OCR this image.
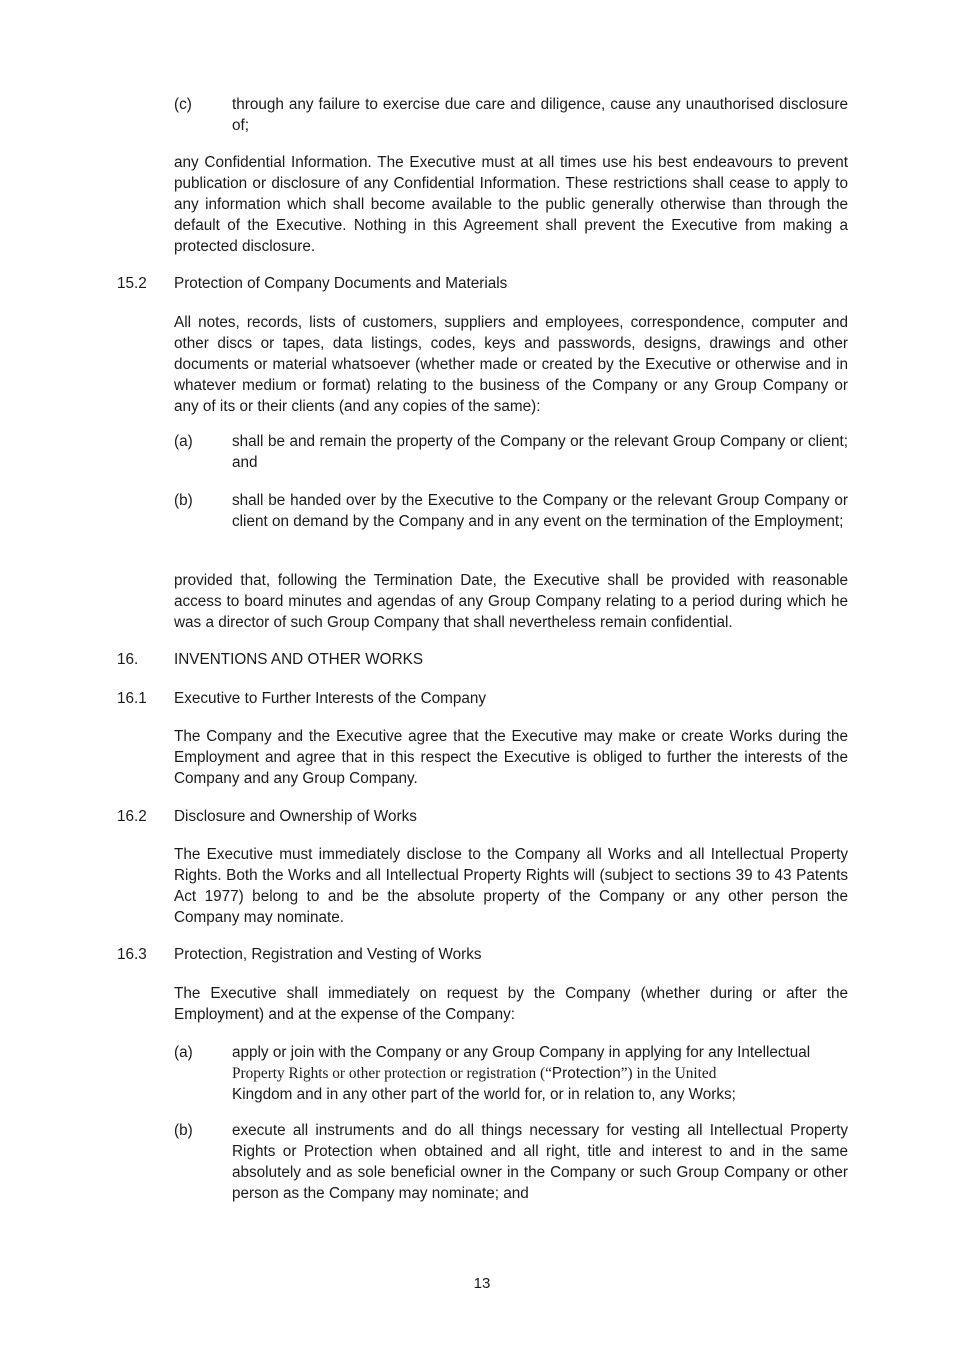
(c)	through any failure to exercise due care and diligence, cause any unauthorised disclosure of;

any Confidential Information. The Executive must at all times use his best endeavours to prevent publication or disclosure of any Confidential Information. These restrictions shall cease to apply to any information which shall become available to the public generally otherwise than through the default of the Executive. Nothing in this Agreement shall prevent the Executive from making a protected disclosure.

15.2 Protection of Company Documents and Materials

All notes, records, lists of customers, suppliers and employees, correspondence, computer and other discs or tapes, data listings, codes, keys and passwords, designs, drawings and other documents or material whatsoever (whether made or created by the Executive or otherwise and in whatever medium or format) relating to the business of the Company or any Group Company or any of its or their clients (and any copies of the same):

(a)	shall be and remain the property of the Company or the relevant Group Company or client; and

(b)	shall be handed over by the Executive to the Company or the relevant Group Company or client on demand by the Company and in any event on the termination of the Employment;

provided that, following the Termination Date, the Executive shall be provided with reasonable access to board minutes and agendas of any Group Company relating to a period during which he was a director of such Group Company that shall nevertheless remain confidential.

16. INVENTIONS AND OTHER WORKS

16.1 Executive to Further Interests of the Company

The Company and the Executive agree that the Executive may make or create Works during the Employment and agree that in this respect the Executive is obliged to further the interests of the Company and any Group Company.

16.2 Disclosure and Ownership of Works

The Executive must immediately disclose to the Company all Works and all Intellectual Property Rights. Both the Works and all Intellectual Property Rights will (subject to sections 39 to 43 Patents Act 1977) belong to and be the absolute property of the Company or any other person the Company may nominate.

16.3 Protection, Registration and Vesting of Works

The Executive shall immediately on request by the Company (whether during or after the Employment) and at the expense of the Company:

(a)	apply or join with the Company or any Group Company in applying for any Intellectual
Property Rights or other protection or registration (“Protection”) in the United
Kingdom and in any other part of the world for, or in relation to, any Works;

(b)	execute all instruments and do all things necessary for vesting all Intellectual Property Rights or Protection when obtained and all right, title and interest to and in the same absolutely and as sole beneficial owner in the Company or such Group Company or other person as the Company may nominate; and

13
